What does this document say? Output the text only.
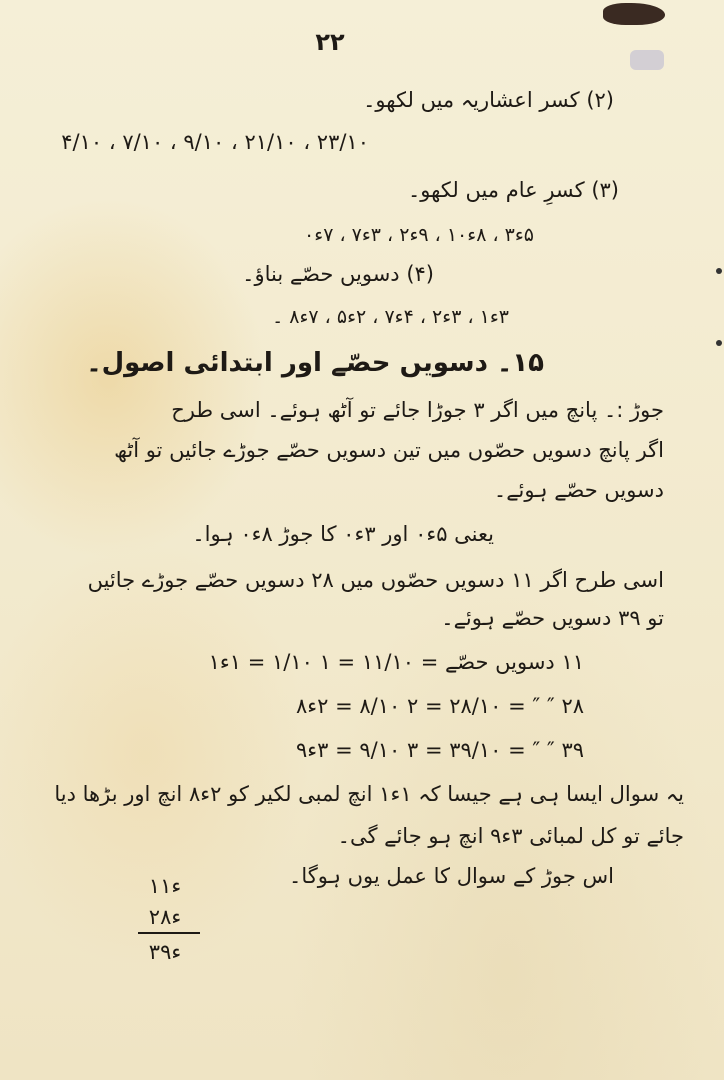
۲۲
(۲) کسر اعشاریہ میں لکھو۔
۲۳/۱۰ ، ۲۱/۱۰ ، ۹/۱۰ ، ۷/۱۰ ، ۴/۱۰
(۳) کسرِ عام میں لکھو۔
۵ء۳ ، ۸ء۱۰ ، ۹ء۲ ، ۳ء۷ ، ۷ء۰
(۴) دسویں حصّے بناؤ۔
۳ء۱ ، ۳ء۲ ، ۴ء۷ ، ۲ء۵ ، ۷ء۸ ۔
۱۵۔ دسویں حصّے اور ابتدائی اصول۔
جوڑ :۔ پانچ میں اگر ۳ جوڑا جائے تو آٹھ ہوئے۔ اسی طرح
اگر پانچ دسویں حصّوں میں تین دسویں حصّے جوڑے جائیں تو آٹھ
دسویں حصّے ہوئے۔
یعنی ۵ء۰ اور ۳ء۰ کا جوڑ ۸ء۰ ہوا۔
اسی طرح اگر ۱۱ دسویں حصّوں میں ۲۸ دسویں حصّے جوڑے جائیں
تو ۳۹ دسویں حصّے ہوئے۔
۱۱ دسویں حصّے = ۱۱/۱۰ = ۱ ۱/۱۰ = ۱ء۱
۲۸ ″ ″ = ۲۸/۱۰ = ۲ ۸/۱۰ = ۲ء۸
۳۹ ″ ″ = ۳۹/۱۰ = ۳ ۹/۱۰ = ۳ء۹
یہ سوال ایسا ہی ہے جیسا کہ ۱ء۱ انچ لمبی لکیر کو ۲ء۸ انچ اور بڑھا دیا
جائے تو کل لمبائی ۳ء۹ انچ ہو جائے گی۔
اس جوڑ کے سوال کا عمل یوں ہوگا۔
۱ء۱
۲ء۸
۳ء۹
